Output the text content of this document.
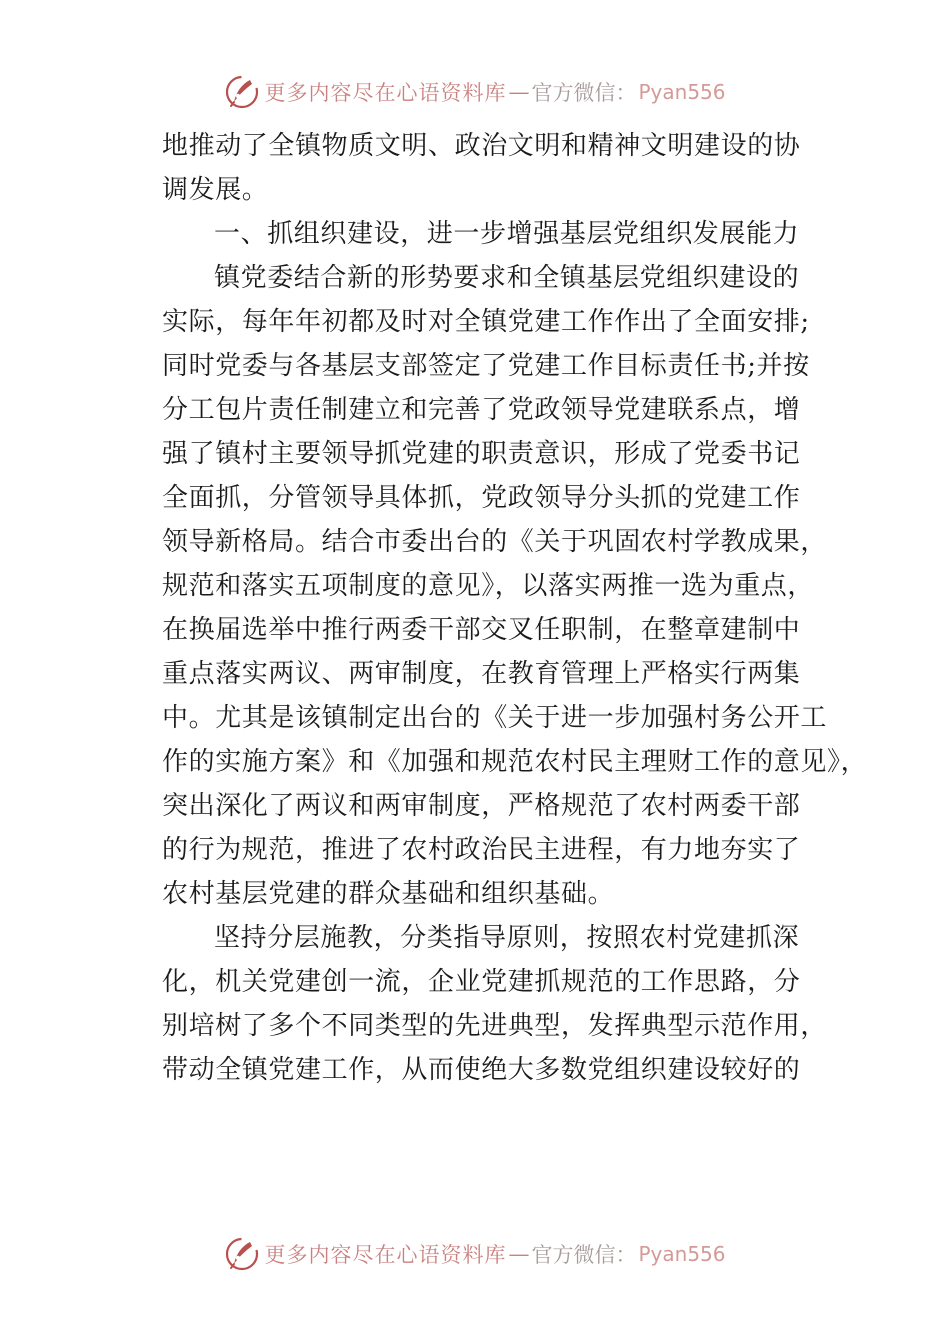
更多内容尽在心语资料库 — 官方微信： Pyan556
地推动了全镇物质文明、政治文明和精神文明建设的协
调发展。
一、抓组织建设，进一步增强基层党组织发展能力
镇党委结合新的形势要求和全镇基层党组织建设的
实际，每年年初都及时对全镇党建工作作出了全面安排;
同时党委与各基层支部签定了党建工作目标责任书;并按
分工包片责任制建立和完善了党政领导党建联系点，增
强了镇村主要领导抓党建的职责意识，形成了党委书记
全面抓，分管领导具体抓，党政领导分头抓的党建工作
领导新格局。结合市委出台的《关于巩固农村学教成果，
规范和落实五项制度的意见》，以落实两推一选为重点，
在换届选举中推行两委干部交叉任职制，在整章建制中
重点落实两议、两审制度，在教育管理上严格实行两集
中。尤其是该镇制定出台的《关于进一步加强村务公开工
作的实施方案》和《加强和规范农村民主理财工作的意见》，
突出深化了两议和两审制度，严格规范了农村两委干部
的行为规范，推进了农村政治民主进程，有力地夯实了
农村基层党建的群众基础和组织基础。
坚持分层施教，分类指导原则，按照农村党建抓深
化，机关党建创一流，企业党建抓规范的工作思路，分
别培树了多个不同类型的先进典型，发挥典型示范作用，
带动全镇党建工作，从而使绝大多数党组织建设较好的
更多内容尽在心语资料库 — 官方微信： Pyan556
